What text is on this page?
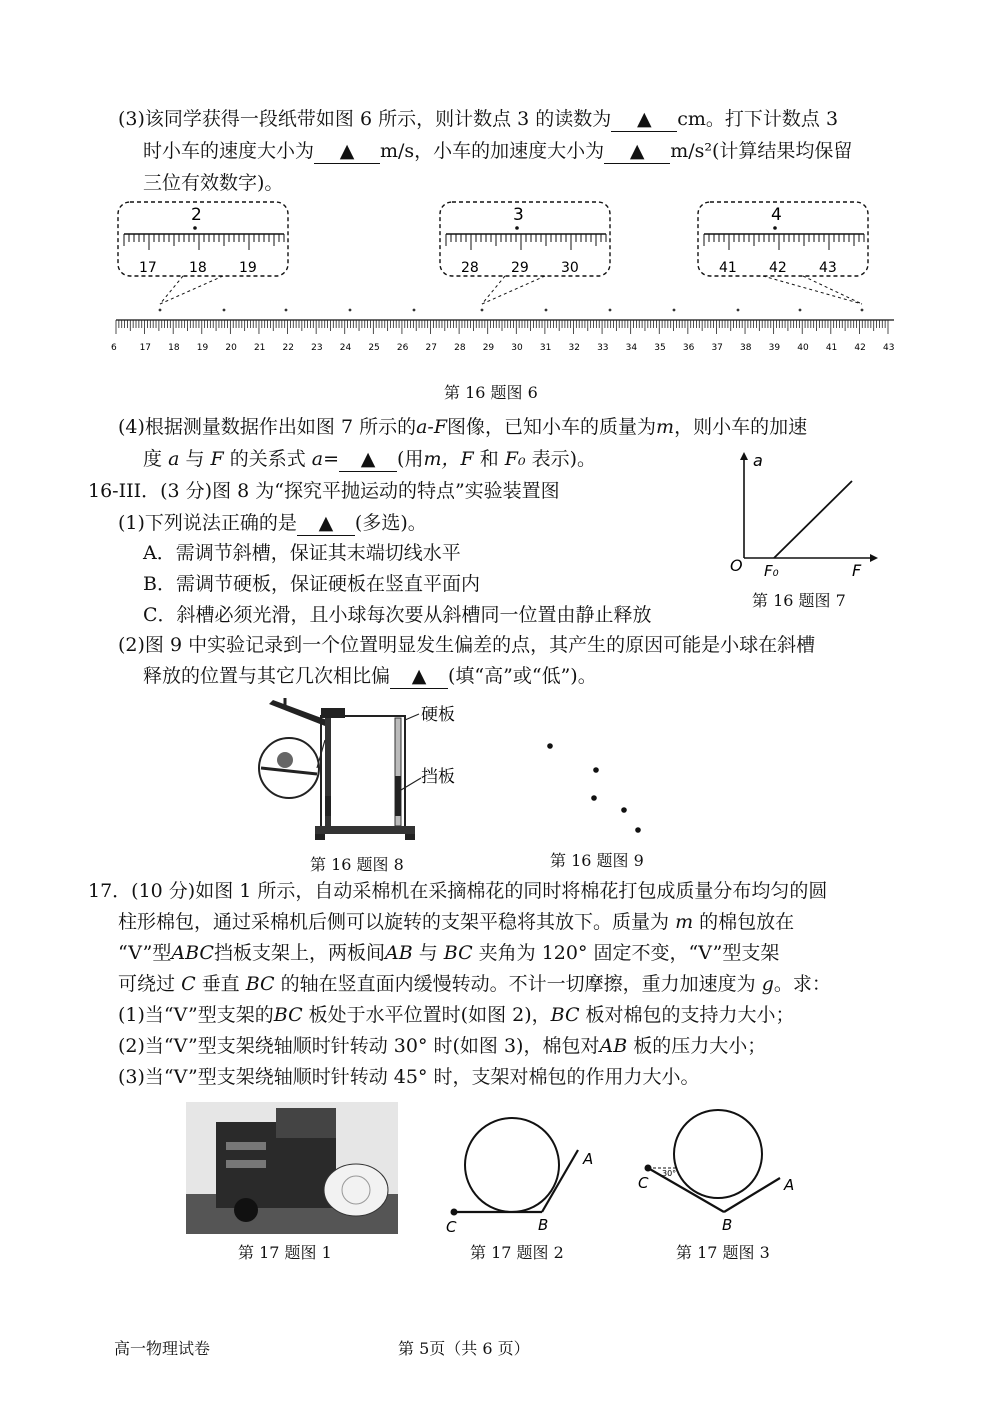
(3)该同学获得一段纸带如图 6 所示，则计数点 3 的读数为 ▲ cm。打下计数点 3
时小车的速度大小为 ▲ m/s，小车的加速度大小为 ▲ m/s²(计算结果均保留
三位有效数字)。
2
17 18 19
3
28 29 30
4
41 42 43
6	17 18 19 20 21 22 23 24 25 26 27 28 29 30 31 32 33 34 35 36 37 38 39 40 41 42 43
第 16 题图 6
(4)根据测量数据作出如图 7 所示的a-F图像，已知小车的质量为m，则小车的加速
度 a 与 F 的关系式 a= ▲ (用m，F 和 F₀ 表示)。	a
F
O F₀
第 16 题图 7
16-III．(3 分)图 8 为“探究平抛运动的特点”实验装置图
(1)下列说法正确的是 ▲ (多选)。
A．需调节斜槽，保证其末端切线水平
B．需调节硬板，保证硬板在竖直平面内
C．斜槽必须光滑，且小球每次要从斜槽同一位置由静止释放
(2)图 9 中实验记录到一个位置明显发生偏差的点，其产生的原因可能是小球在斜槽
释放的位置与其它几次相比偏 ▲ (填“高”或“低”)。
硬板
挡板
第 16 题图 8	第 16 题图 9
17．(10 分)如图 1 所示，自动采棉机在采摘棉花的同时将棉花打包成质量分布均匀的圆
柱形棉包，通过采棉机后侧可以旋转的支架平稳将其放下。质量为 m 的棉包放在
“V”型ABC挡板支架上，两板间AB 与 BC 夹角为 120° 固定不变，“V”型支架
可绕过 C 垂直 BC 的轴在竖直面内缓慢转动。不计一切摩擦，重力加速度为 g。求：
(1)当“V”型支架的BC 板处于水平位置时(如图 2)，BC 板对棉包的支持力大小；
(2)当“V”型支架绕轴顺时针转动 30° 时(如图 3)，棉包对AB 板的压力大小；
(3)当“V”型支架绕轴顺时针转动 45° 时，支架对棉包的作用力大小。
第 17 题图 1
A
B
C
第 17 题图 2
30°
A
B
C
第 17 题图 3
高一物理试卷	第 5页（共 6 页）
